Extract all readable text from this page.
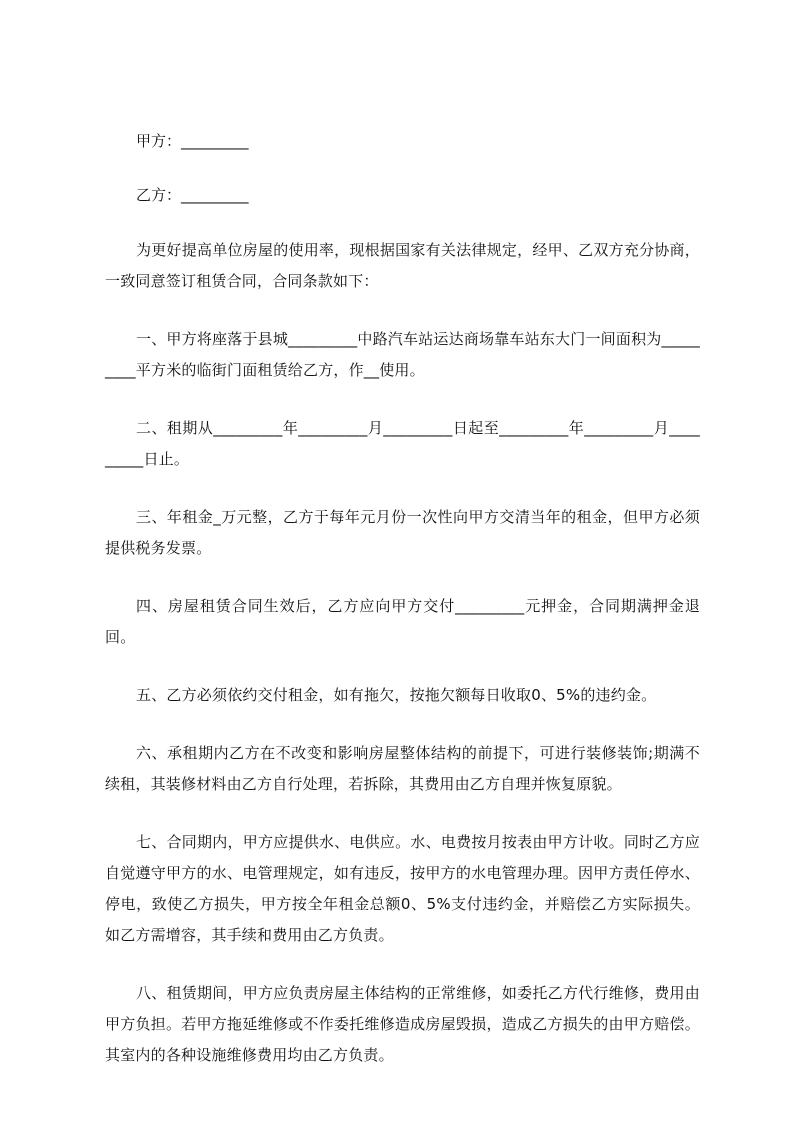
甲方：_________
乙方：_________

为更好提高单位房屋的使用率，现根据国家有关法律规定，经甲、乙双方充分协商，一致同意签订租赁合同，合同条款如下：

一、甲方将座落于县城_________中路汽车站运达商场靠车站东大门一间面积为_________平方米的临街门面租赁给乙方，作__使用。

二、租期从_________年_________月_________日起至_________年_________月_________日止。

三、年租金_万元整，乙方于每年元月份一次性向甲方交清当年的租金，但甲方必须提供税务发票。

四、房屋租赁合同生效后，乙方应向甲方交付_________元押金，合同期满押金退回。

五、乙方必须依约交付租金，如有拖欠，按拖欠额每日收取0、5%的违约金。

六、承租期内乙方在不改变和影响房屋整体结构的前提下，可进行装修装饰;期满不续租，其装修材料由乙方自行处理，若拆除，其费用由乙方自理并恢复原貌。

七、合同期内，甲方应提供水、电供应。水、电费按月按表由甲方计收。同时乙方应自觉遵守甲方的水、电管理规定，如有违反，按甲方的水电管理办理。因甲方责任停水、停电，致使乙方损失，甲方按全年租金总额0、5%支付违约金，并赔偿乙方实际损失。如乙方需增容，其手续和费用由乙方负责。

八、租赁期间，甲方应负责房屋主体结构的正常维修，如委托乙方代行维修，费用由甲方负担。若甲方拖延维修或不作委托维修造成房屋毁损，造成乙方损失的由甲方赔偿。其室内的各种设施维修费用均由乙方负责。
